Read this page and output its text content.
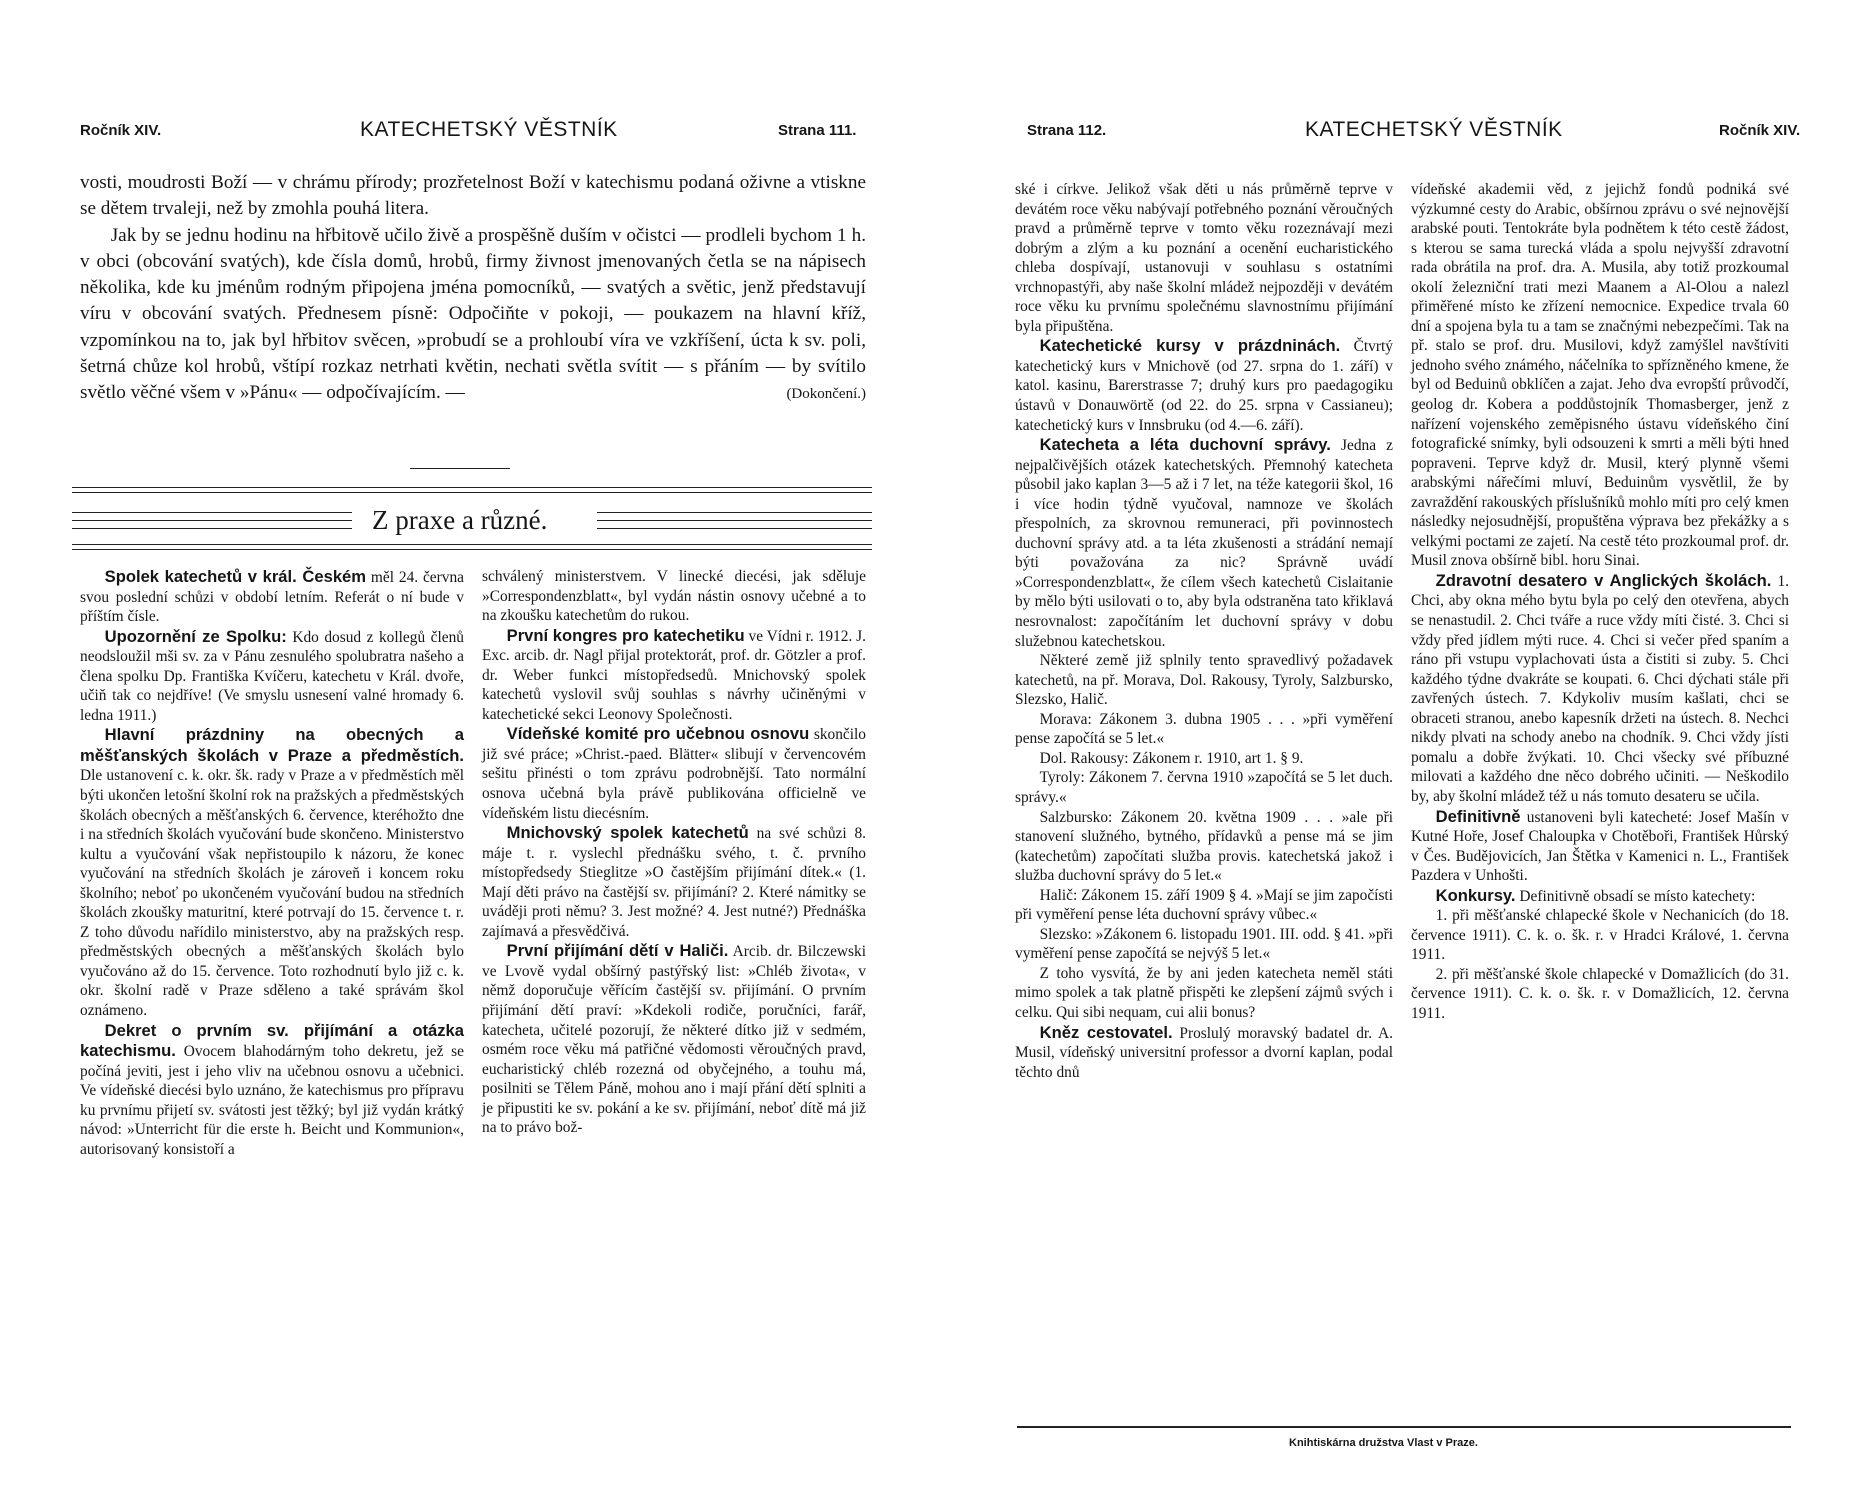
Ročník XIV.	KATECHETSKÝ VĚSTNÍK	Strana 111.

vosti, moudrosti Boží — v chrámu přírody; prozřetelnost Boží v katechismu podaná oživne a vtiskne se dětem trvaleji, než by zmohla pouhá litera.

Jak by se jednu hodinu na hřbitově učilo živě a prospěšně duším v očistci — prodleli bychom 1 h. v obci (obcování svatých), kde čísla domů, hrobů, firmy živnost jmenovaných četla se na nápisech několika, kde ku jménům rodným připojena jména pomocníků, — svatých a světic, jenž představují víru v obcování svatých. Přednesem písně: Odpočiňte v pokoji, — poukazem na hlavní kříž, vzpomínkou na to, jak byl hřbitov svěcen, »probudí se a prohloubí víra ve vzkříšení, úcta k sv. poli, šetrná chůze kol hrobů, vštípí rozkaz netrhati květin, nechati světla svítit — s přáním — by svítilo světlo věčné všem v »Pánu« — odpočívajícím. —	(Dokončení.)

Z praxe a různé.

Spolek katechetů v král. Českém měl 24. června svou poslední schůzi v období letním. Referát o ní bude v příštím čísle.

Upozornění ze Spolku: Kdo dosud z kollegů členů neodsloužil mši sv. za v Pánu zesnulého spolubratra našeho a člena spolku Dp. Františka Kvíčeru, katechetu v Král. dvoře, učiň tak co nejdříve! (Ve smyslu usnesení valné hromady 6. ledna 1911.)

Hlavní prázdniny na obecných a měšťanských školách v Praze a předměstích. Dle ustanovení c. k. okr. šk. rady v Praze a v předměstích měl býti ukončen letošní školní rok na pražských a předměstských školách obecných a měšťanských 6. července, kteréhožto dne i na středních školách vyučování bude skončeno. Ministerstvo kultu a vyučování však nepřistoupilo k názoru, že konec vyučování na středních školách je zároveň i koncem roku školního; neboť po ukončeném vyučování budou na středních školách zkoušky maturitní, které potrvají do 15. července t. r. Z toho důvodu nařídilo ministerstvo, aby na pražských resp. předměstských obecných a měšťanských školách bylo vyučováno až do 15. července. Toto rozhodnutí bylo již c. k. okr. školní radě v Praze sděleno a také správám škol oznámeno.

Dekret o prvním sv. přijímání a otázka katechismu. Ovocem blahodárným toho dekretu, jež se počíná jeviti, jest i jeho vliv na učebnou osnovu a učebnici. Ve vídeňské diecési bylo uznáno, že katechismus pro přípravu ku prvnímu přijetí sv. svátosti jest těžký; byl již vydán krátký návod: »Unterricht für die erste h. Beicht und Kommunion«, autorisovaný konsistoří a

schválený ministerstvem. V linecké diecési, jak sděluje »Correspondenzblatt«, byl vydán nástin osnovy učebné a to na zkoušku katechetům do rukou.

První kongres pro katechetiku ve Vídni r. 1912. J. Exc. arcib. dr. Nagl přijal protektorát, prof. dr. Götzler a prof. dr. Weber funkci místopředsedů. Mnichovský spolek katechetů vyslovil svůj souhlas s návrhy učiněnými v katechetické sekci Leonovy Společnosti.

Vídeňské komité pro učebnou osnovu skončilo již své práce; »Christ.-paed. Blätter« slibují v červencovém sešitu přinésti o tom zprávu podrobnější. Tato normální osnova učebná byla právě publikována officielně ve vídeňském listu diecésním.

Mnichovský spolek katechetů na své schůzi 8. máje t. r. vyslechl přednášku svého, t. č. prvního místopředsedy Stieglitze »O častějším přijímání dítek.« (1. Mají děti právo na častější sv. přijímání? 2. Které námitky se uváději proti němu? 3. Jest možné? 4. Jest nutné?) Přednáška zajímavá a přesvědčivá.

První přijímání dětí v Haliči. Arcib. dr. Bilczewski ve Lvově vydal obšírný pastýřský list: »Chléb života«, v němž doporučuje věřícím častější sv. přijímání. O prvním přijímání dětí praví: »Kdekoli rodiče, poručníci, farář, katecheta, učitelé pozorují, že některé dítko již v sedmém, osmém roce věku má patřičné vědomosti věroučných pravd, eucharistický chléb rozezná od obyčejného, a touhu má, posilniti se Tělem Páně, mohou ano i mají přání dětí splniti a je připustiti ke sv. pokání a ke sv. přijímání, neboť dítě má již na to právo bož-

Strana 112.	KATECHETSKÝ VĚSTNÍK	Ročník XIV.

ské i církve. Jelikož však děti u nás průměrně teprve v devátém roce věku nabývají potřebného poznání věroučných pravd a průměrně teprve v tomto věku rozeznávají mezi dobrým a zlým a ku poznání a ocenění eucharistického chleba dospívají, ustanovuji v souhlasu s ostatními vrchnopastýři, aby naše školní mládež nejpozději v devátém roce věku ku prvnímu společnému slavnostnímu přijímání byla připuštěna.

Katechetické kursy v prázdninách. Čtvrtý katechetický kurs v Mnichově (od 27. srpna do 1. září) v katol. kasinu, Barerstrasse 7; druhý kurs pro paedagogiku ústavů v Donauwörtě (od 22. do 25. srpna v Cassianeu); katechetický kurs v Innsbruku (od 4.—6. září).

Katecheta a léta duchovní správy. Jedna z nejpalčivějších otázek katechetských. Přemnohý katecheta působil jako kaplan 3—5 až i 7 let, na téže kategorii škol, 16 i více hodin týdně vyučoval, namnoze ve školách přespolních, za skrovnou remuneraci, při povinnostech duchovní správy atd. a ta léta zkušenosti a strádání nemají býti považována za nic? Správně uvádí »Correspondenzblatt«, že cílem všech katechetů Cislaitanie by mělo býti usilovati o to, aby byla odstraněna tato křiklavá nesrovnalost: započítáním let duchovní správy v dobu služebnou katechetskou.

Některé země již splnily tento spravedlivý požadavek katechetů, na př. Morava, Dol. Rakousy, Tyroly, Salzbursko, Slezsko, Halič.

Morava: Zákonem 3. dubna 1905 . . . »při vyměření pense započítá se 5 let.«

Dol. Rakousy: Zákonem r. 1910, art 1. § 9.

Tyroly: Zákonem 7. června 1910 »započítá se 5 let duch. správy.«

Salzbursko: Zákonem 20. května 1909 . . . »ale při stanovení služného, bytného, přídavků a pense má se jim (katechetům) započítati služba provis. katechetská jakož i služba duchovní správy do 5 let.«

Halič: Zákonem 15. září 1909 § 4. »Mají se jim započísti při vyměření pense léta duchovní správy vůbec.«

Slezsko: »Zákonem 6. listopadu 1901. III. odd. § 41. »při vyměření pense započítá se nejvýš 5 let.«

Z toho vysvítá, že by ani jeden katecheta neměl státi mimo spolek a tak platně přispěti ke zlepšení zájmů svých i celku. Qui sibi nequam, cui alii bonus?

Kněz cestovatel. Proslulý moravský badatel dr. A. Musil, vídeňský universitní professor a dvorní kaplan, podal těchto dnů

vídeňské akademii věd, z jejichž fondů podniká své výzkumné cesty do Arabic, obšírnou zprávu o své nejnovější arabské pouti. Tentokráte byla podnětem k této cestě žádost, s kterou se sama turecká vláda a spolu nejvyšší zdravotní rada obrátila na prof. dra. A. Musila, aby totiž prozkoumal okolí železniční trati mezi Maanem a Al-Olou a nalezl přiměřené místo ke zřízení nemocnice. Expedice trvala 60 dní a spojena byla tu a tam se značnými nebezpečími. Tak na př. stalo se prof. dru. Musilovi, když zamýšlel navštíviti jednoho svého známého, náčelníka to spřízněného kmene, že byl od Beduinů obklíčen a zajat. Jeho dva evropští průvodčí, geolog dr. Kobera a poddůstojník Thomasberger, jenž z nařízení vojenského zeměpisného ústavu vídeňského činí fotografické snímky, byli odsouzeni k smrti a měli býti hned popraveni. Teprve když dr. Musil, který plynně všemi arabskými nářečími mluví, Beduinům vysvětlil, že by zavraždění rakouských příslušníků mohlo míti pro celý kmen následky nejosudnější, propuštěna výprava bez překážky a s velkými poctami ze zajetí. Na cestě této prozkoumal prof. dr. Musil znova obšírně bibl. horu Sinai.

Zdravotní desatero v Anglických školách. 1. Chci, aby okna mého bytu byla po celý den otevřena, abych se nenastudil. 2. Chci tváře a ruce vždy míti čisté. 3. Chci si vždy před jídlem mýti ruce. 4. Chci si večer před spaním a ráno při vstupu vyplachovati ústa a čistiti si zuby. 5. Chci každého týdne dvakráte se koupati. 6. Chci dýchati stále při zavřených ústech. 7. Kdykoliv musím kašlati, chci se obraceti stranou, anebo kapesník držeti na ústech. 8. Nechci nikdy plvati na schody anebo na chodník. 9. Chci vždy jísti pomalu a dobře žvýkati. 10. Chci všecky své příbuzné milovati a každého dne něco dobrého učiniti. — Neškodilo by, aby školní mládež též u nás tomuto desateru se učila.

Definitivně ustanoveni byli katecheté: Josef Mašín v Kutné Hoře, Josef Chaloupka v Chotěboři, František Hůrský v Čes. Budějovicích, Jan Štětka v Kamenici n. L., František Pazdera v Unhošti.

Konkursy. Definitivně obsadí se místo katechety:

1. při měšťanské chlapecké škole v Nechanicích (do 18. července 1911). C. k. o. šk. r. v Hradci Králové, 1. června 1911.

2. při měšťanské škole chlapecké v Domažlicích (do 31. července 1911). C. k. o. šk. r. v Domažlicích, 12. června 1911.

Knihtiskárna družstva Vlast v Praze.
